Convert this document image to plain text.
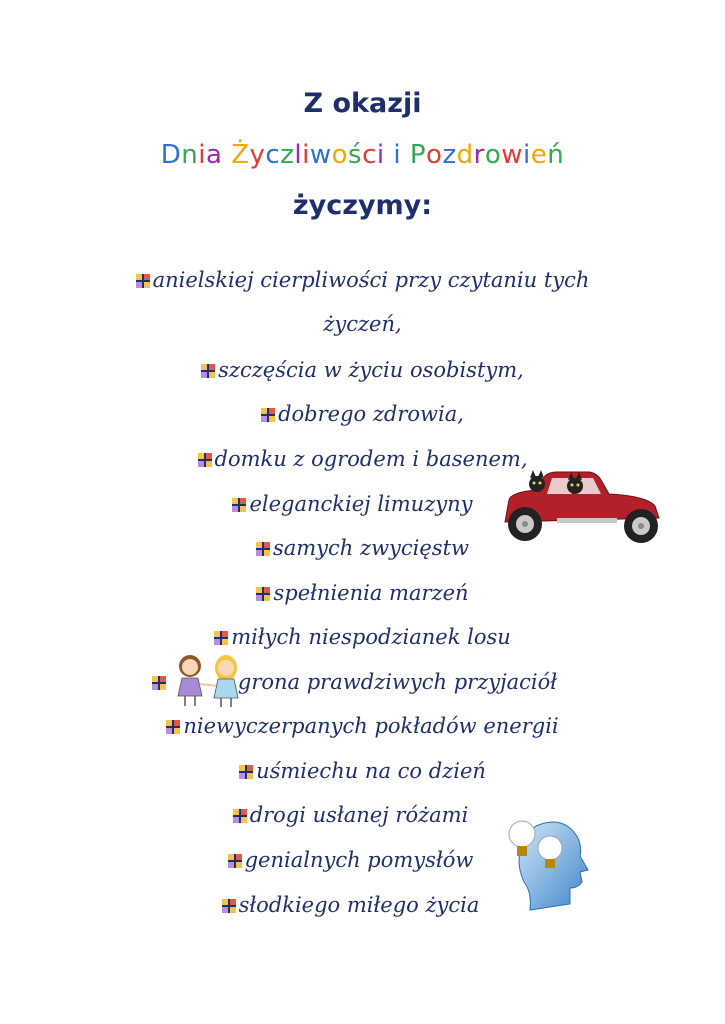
Z okazji
Dnia Życzliwości i Pozdrowień
życzymy:
anielskiej cierpliwości przy czytaniu tych
życzeń,
szczęścia w życiu osobistym,
dobrego zdrowia,
domku z ogrodem i basenem,
eleganckiej limuzyny
samych zwycięstw
spełnienia marzeń
miłych niespodzianek losu
grona prawdziwych przyjaciół
niewyczerpanych pokładów energii
uśmiechu na co dzień
drogi usłanej różami
genialnych pomysłów
słodkiego miłego życia
